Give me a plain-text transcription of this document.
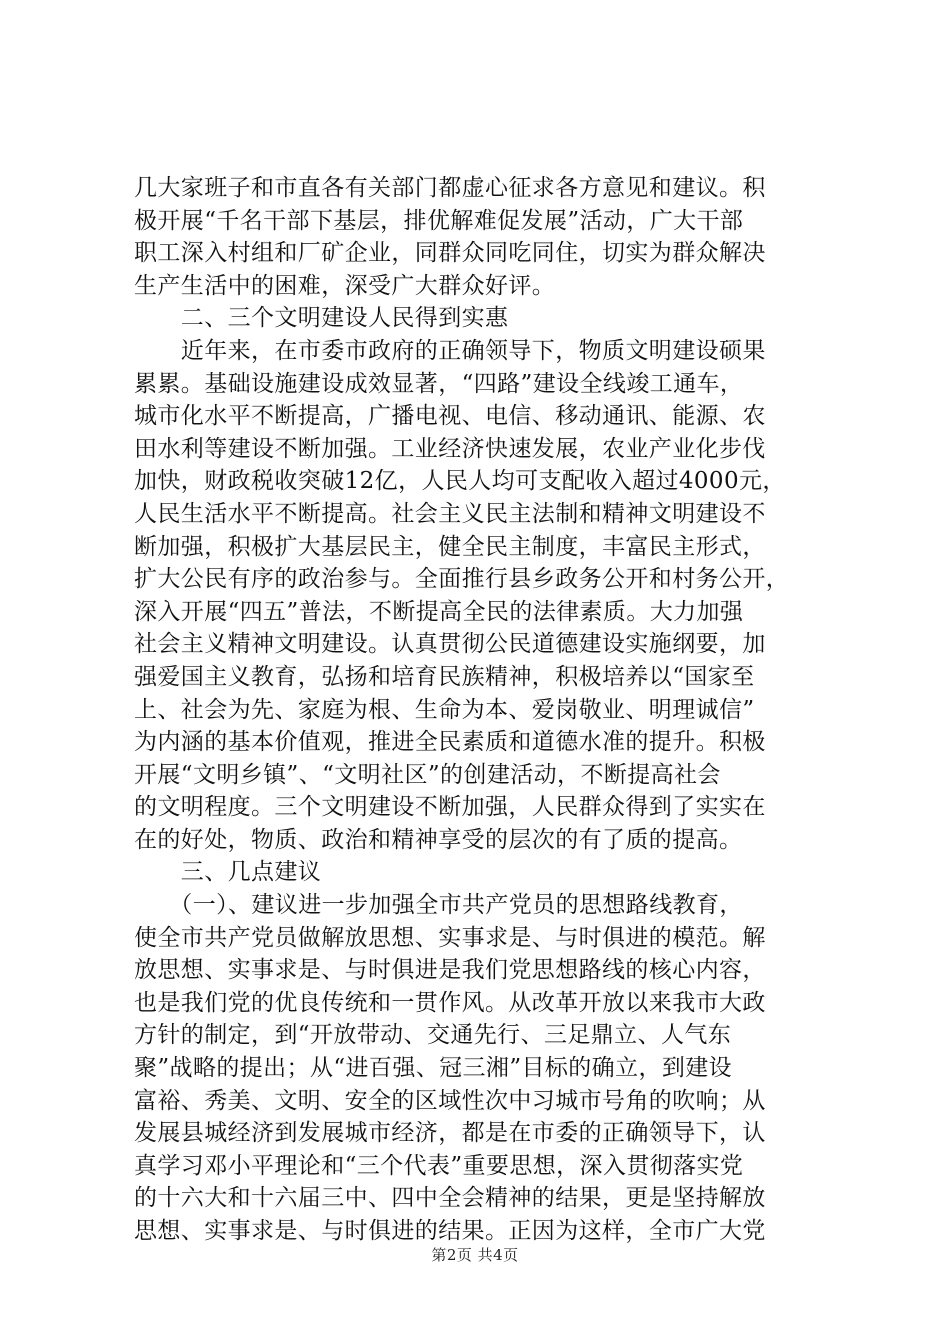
几大家班子和市直各有关部门都虚心征求各方意见和建议。积
极开展“千名干部下基层，排优解难促发展”活动，广大干部
职工深入村组和厂矿企业，同群众同吃同住，切实为群众解决
生产生活中的困难，深受广大群众好评。
　　二、三个文明建设人民得到实惠
　　近年来，在市委市政府的正确领导下，物质文明建设硕果
累累。基础设施建设成效显著，“四路”建设全线竣工通车，
城市化水平不断提高，广播电视、电信、移动通讯、能源、农
田水利等建设不断加强。工业经济快速发展，农业产业化步伐
加快，财政税收突破12亿，人民人均可支配收入超过4000元，
人民生活水平不断提高。社会主义民主法制和精神文明建设不
断加强，积极扩大基层民主，健全民主制度，丰富民主形式，
扩大公民有序的政治参与。全面推行县乡政务公开和村务公开，
深入开展“四五”普法，不断提高全民的法律素质。大力加强
社会主义精神文明建设。认真贯彻公民道德建设实施纲要，加
强爱国主义教育，弘扬和培育民族精神，积极培养以“国家至
上、社会为先、家庭为根、生命为本、爱岗敬业、明理诚信”
为内涵的基本价值观，推进全民素质和道德水准的提升。积极
开展“文明乡镇”、“文明社区”的创建活动，不断提高社会
的文明程度。三个文明建设不断加强，人民群众得到了实实在
在的好处，物质、政治和精神享受的层次的有了质的提高。
　　三、几点建议
　　（一）、建议进一步加强全市共产党员的思想路线教育，
使全市共产党员做解放思想、实事求是、与时俱进的模范。解
放思想、实事求是、与时俱进是我们党思想路线的核心内容，
也是我们党的优良传统和一贯作风。从改革开放以来我市大政
方针的制定，到“开放带动、交通先行、三足鼎立、人气东
聚”战略的提出；从“进百强、冠三湘”目标的确立，到建设
富裕、秀美、文明、安全的区域性次中习城市号角的吹响；从
发展县城经济到发展城市经济，都是在市委的正确领导下，认
真学习邓小平理论和“三个代表”重要思想，深入贯彻落实党
的十六大和十六届三中、四中全会精神的结果，更是坚持解放
思想、实事求是、与时俱进的结果。正因为这样，全市广大党
第2页 共4页
